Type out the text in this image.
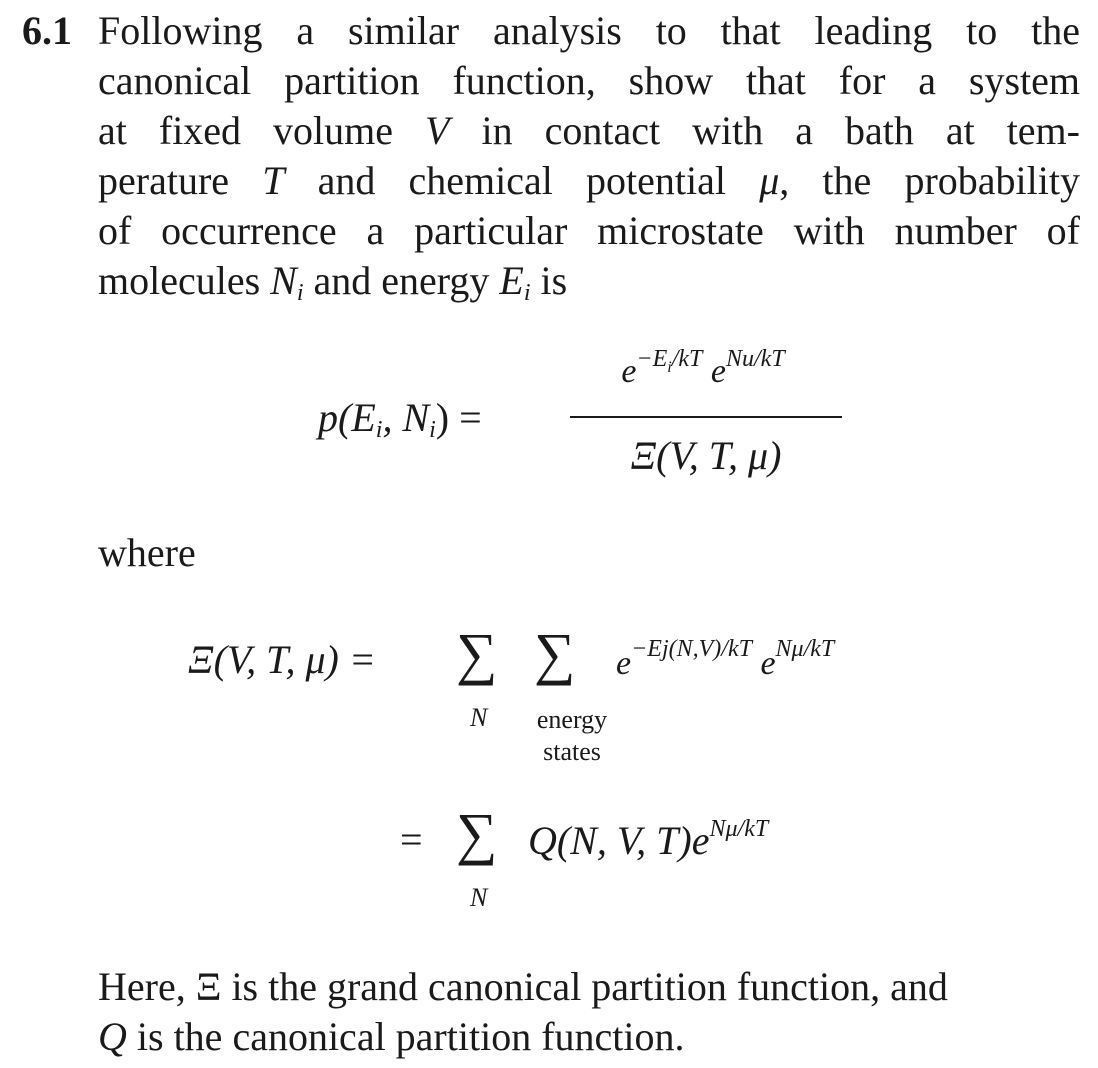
6.1 Following a similar analysis to that leading to the
canonical partition function, show that for a system
at fixed volume V in contact with a bath at tem-
perature T and chemical potential μ, the probability
of occurrence a particular microstate with number of
molecules $N_i$ and energy $E_i$ is
$p(E_i$, $N_i$) =
$e^{-E_i/kT}$ $e^{Nu/kT}$
Ξ(V, T, μ)
where
Ξ(V, T, μ) = ∑ ∑
N	energy
states
$e^{-Ej(N,V)/kT}$ $e^{N\mu/kT}$
= ∑
N
Q(N, V, $T)e^{N\mu/kT}$
Here, Ξ is the grand canonical partition function, and
Q is the canonical partition function.
